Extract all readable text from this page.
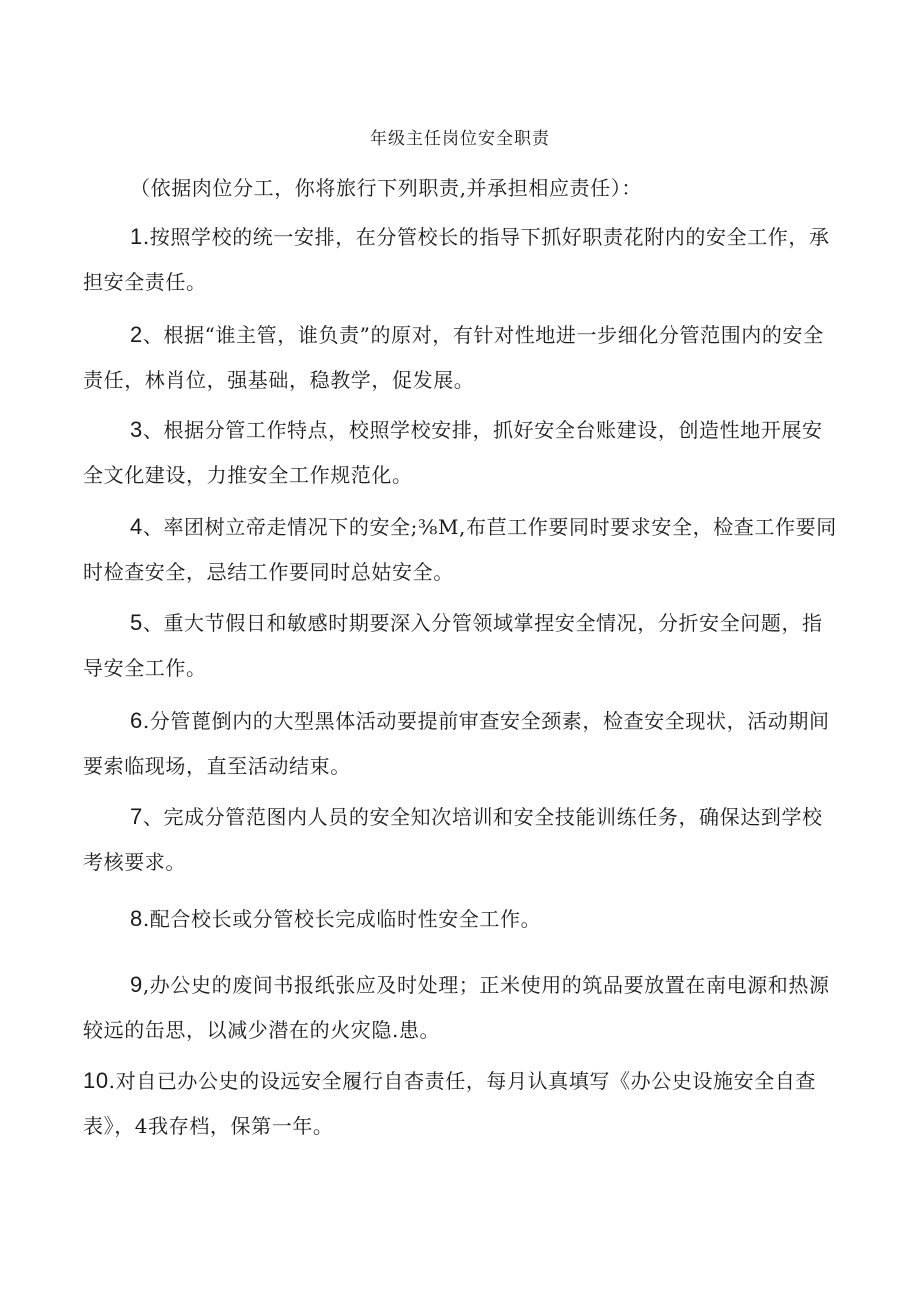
年级主任岗位安全职责
（依据肉位分工，你将旅行下列职责,并承担相应责任）：
1.按照学校的统一安排，在分管校长的指导下抓好职责花附内的安全工作，承担安全责任。
2、根据“谁主管，谁负责”的原对，有针对性地进一步细化分管范围内的安全责任，林肖位，强基础，稳教学，促发展。
3、根据分管工作特点，校照学校安排，抓好安全台账建设，创造性地开展安全文化建设，力推安全工作规范化。
4、率团树立帝走情况下的安全;⅜M,布苣工作要同时要求安全，检查工作要同时检查安全，忌结工作要同时总姑安全。
5、重大节假日和敏感时期要深入分管领域掌捏安全情况，分折安全问题，指导安全工作。
6.分管蓖倒内的大型黑体活动要提前审查安全颈素，检查安全现状，活动期间要索临现场，直至活动结束。
7、完成分管范图内人员的安全知次培训和安全技能训练任务，确保达到学校考核要求。
8.配合校长或分管校长完成临时性安全工作。
9,办公史的废间书报纸张应及时处理；正米使用的筑品要放置在南电源和热源较远的缶思，以减少潜在的火灾隐.患。
10.对自已办公史的设远安全履行自杳责任，每月认真填写《办公史设施安全自查表》，4我存档，保第一年。
